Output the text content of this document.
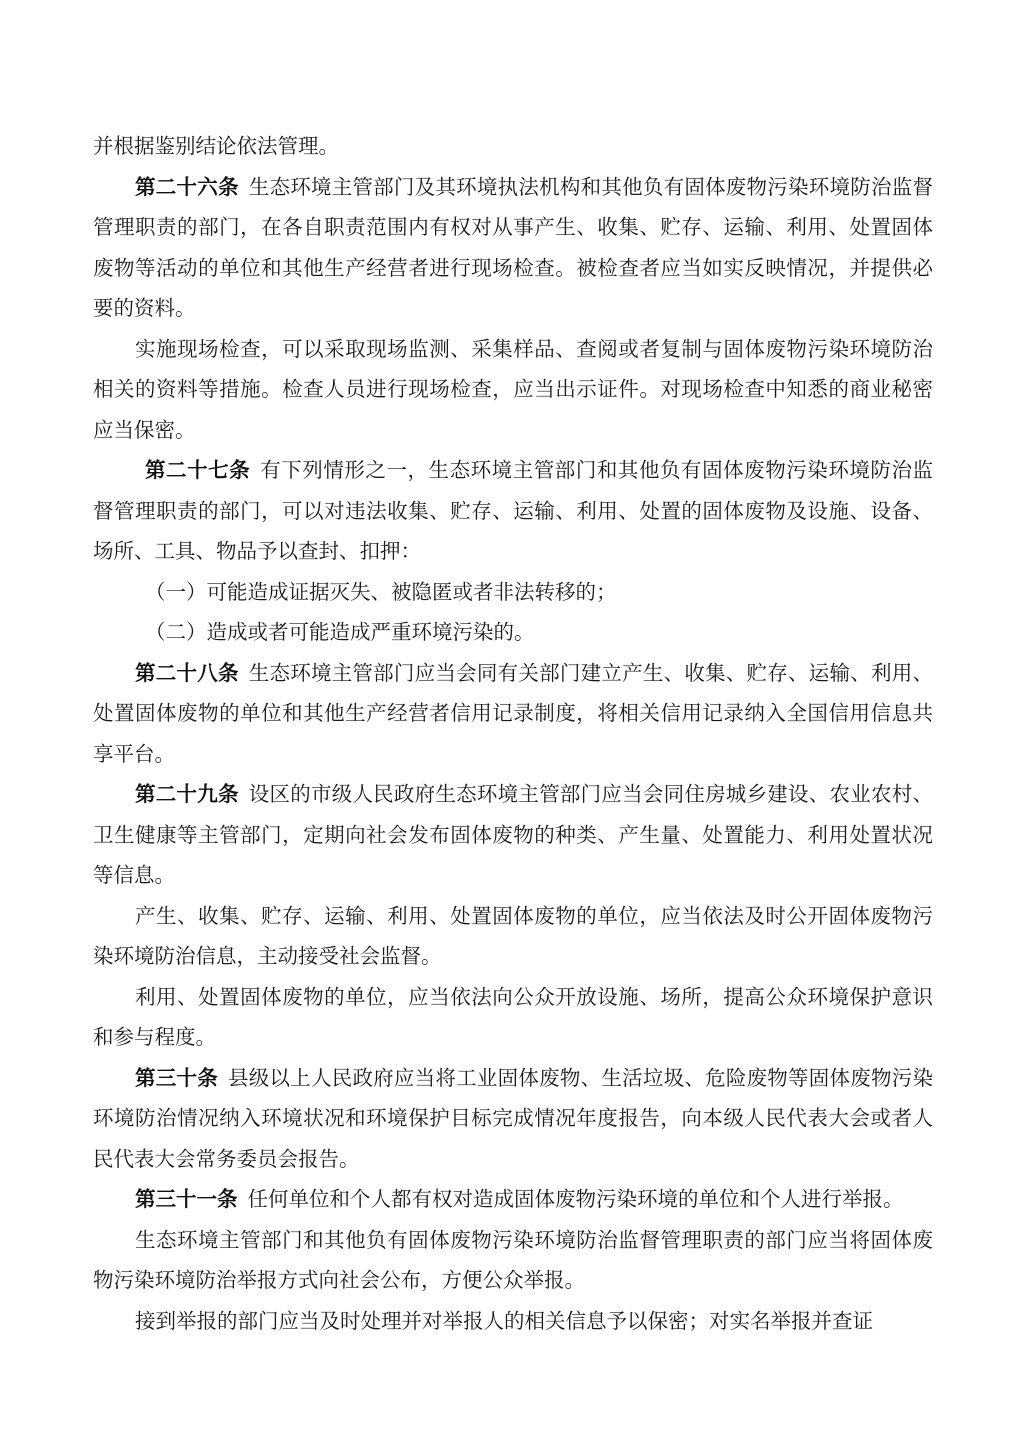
并根据鉴别结论依法管理。

第二十六条 生态环境主管部门及其环境执法机构和其他负有固体废物污染环境防治监督管理职责的部门，在各自职责范围内有权对从事产生、收集、贮存、运输、利用、处置固体废物等活动的单位和其他生产经营者进行现场检查。被检查者应当如实反映情况，并提供必要的资料。

实施现场检查，可以采取现场监测、采集样品、查阅或者复制与固体废物污染环境防治相关的资料等措施。检查人员进行现场检查，应当出示证件。对现场检查中知悉的商业秘密应当保密。

第二十七条 有下列情形之一，生态环境主管部门和其他负有固体废物污染环境防治监督管理职责的部门，可以对违法收集、贮存、运输、利用、处置的固体废物及设施、设备、场所、工具、物品予以查封、扣押：

（一）可能造成证据灭失、被隐匿或者非法转移的；

（二）造成或者可能造成严重环境污染的。

第二十八条 生态环境主管部门应当会同有关部门建立产生、收集、贮存、运输、利用、处置固体废物的单位和其他生产经营者信用记录制度，将相关信用记录纳入全国信用信息共享平台。

第二十九条 设区的市级人民政府生态环境主管部门应当会同住房城乡建设、农业农村、卫生健康等主管部门，定期向社会发布固体废物的种类、产生量、处置能力、利用处置状况等信息。

产生、收集、贮存、运输、利用、处置固体废物的单位，应当依法及时公开固体废物污染环境防治信息，主动接受社会监督。

利用、处置固体废物的单位，应当依法向公众开放设施、场所，提高公众环境保护意识和参与程度。

第三十条 县级以上人民政府应当将工业固体废物、生活垃圾、危险废物等固体废物污染环境防治情况纳入环境状况和环境保护目标完成情况年度报告，向本级人民代表大会或者人民代表大会常务委员会报告。

第三十一条 任何单位和个人都有权对造成固体废物污染环境的单位和个人进行举报。

生态环境主管部门和其他负有固体废物污染环境防治监督管理职责的部门应当将固体废物污染环境防治举报方式向社会公布，方便公众举报。

接到举报的部门应当及时处理并对举报人的相关信息予以保密；对实名举报并查证
